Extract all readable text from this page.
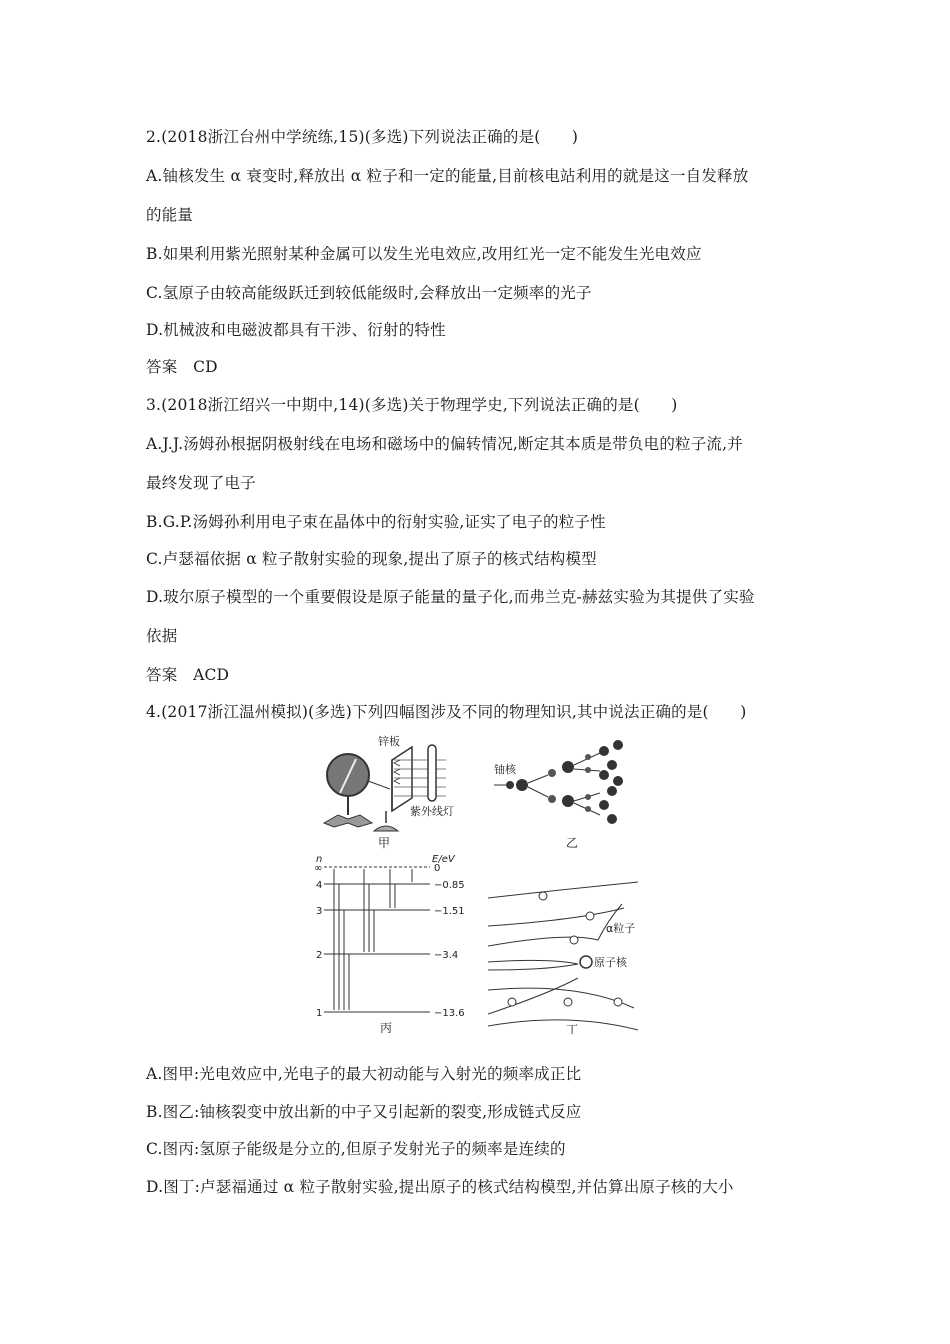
2.(2018浙江台州中学统练,15)(多选)下列说法正确的是(　　)
A.铀核发生 α 衰变时,释放出 α 粒子和一定的能量,目前核电站利用的就是这一自发释放
的能量
B.如果利用紫光照射某种金属可以发生光电效应,改用红光一定不能发生光电效应
C.氢原子由较高能级跃迁到较低能级时,会释放出一定频率的光子
D.机械波和电磁波都具有干涉、衍射的特性
答案　CD
3.(2018浙江绍兴一中期中,14)(多选)关于物理学史,下列说法正确的是(　　)
A.J.J.汤姆孙根据阴极射线在电场和磁场中的偏转情况,断定其本质是带负电的粒子流,并
最终发现了电子
B.G.P.汤姆孙利用电子束在晶体中的衍射实验,证实了电子的粒子性
C.卢瑟福依据 α 粒子散射实验的现象,提出了原子的核式结构模型
D.玻尔原子模型的一个重要假设是原子能量的量子化,而弗兰克-赫兹实验为其提供了实验
依据
答案　ACD
4.(2017浙江温州模拟)(多选)下列四幅图涉及不同的物理知识,其中说法正确的是(　　)
锌板
紫外线灯
甲
铀核
乙
n	E/eV
∞
4
3
2
1
0
−0.85
−1.51
−3.4
−13.6
丙
α粒子
原子核
丁
A.图甲:光电效应中,光电子的最大初动能与入射光的频率成正比
B.图乙:铀核裂变中放出新的中子又引起新的裂变,形成链式反应
C.图丙:氢原子能级是分立的,但原子发射光子的频率是连续的
D.图丁:卢瑟福通过 α 粒子散射实验,提出原子的核式结构模型,并估算出原子核的大小
